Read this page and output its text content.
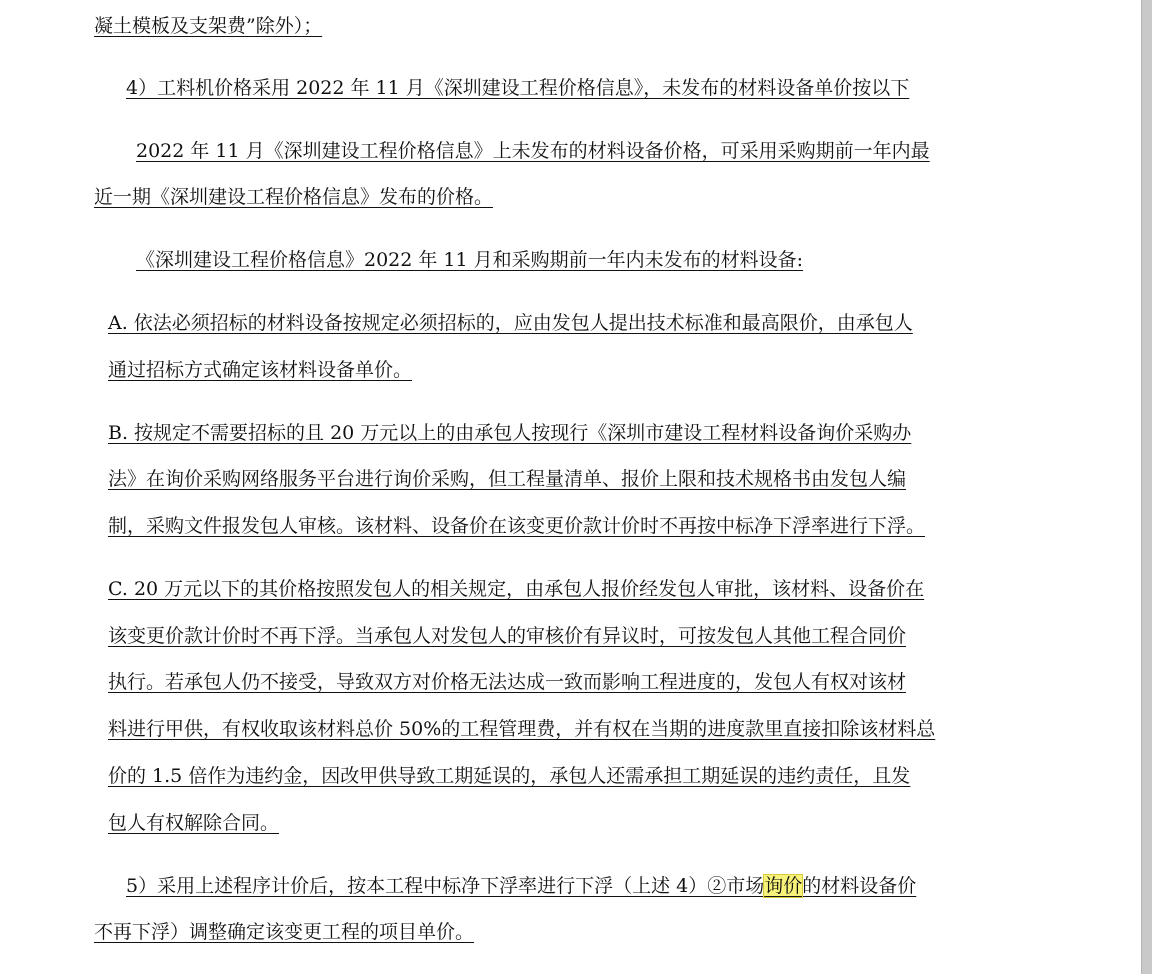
凝土模板及支架费”除外）；
4）工料机价格采用 2022 年 11 月《深圳建设工程价格信息》，未发布的材料设备单价按以下
2022 年 11 月《深圳建设工程价格信息》上未发布的材料设备价格，可采用采购期前一年内最
近一期《深圳建设工程价格信息》发布的价格。
《深圳建设工程价格信息》2022 年 11 月和采购期前一年内未发布的材料设备:
A. 依法必须招标的材料设备按规定必须招标的，应由发包人提出技术标准和最高限价，由承包人
通过招标方式确定该材料设备单价。
B. 按规定不需要招标的且 20 万元以上的由承包人按现行《深圳市建设工程材料设备询价采购办
法》在询价采购网络服务平台进行询价采购，但工程量清单、报价上限和技术规格书由发包人编
制，采购文件报发包人审核。该材料、设备价在该变更价款计价时不再按中标净下浮率进行下浮。
C. 20 万元以下的其价格按照发包人的相关规定，由承包人报价经发包人审批，该材料、设备价在
该变更价款计价时不再下浮。当承包人对发包人的审核价有异议时，可按发包人其他工程合同价
执行。若承包人仍不接受，导致双方对价格无法达成一致而影响工程进度的，发包人有权对该材
料进行甲供，有权收取该材料总价 50%的工程管理费，并有权在当期的进度款里直接扣除该材料总
价的 1.5 倍作为违约金，因改甲供导致工期延误的，承包人还需承担工期延误的违约责任，且发
包人有权解除合同。
5）采用上述程序计价后，按本工程中标净下浮率进行下浮（上述 4）②市场询价的材料设备价
不再下浮）调整确定该变更工程的项目单价。
